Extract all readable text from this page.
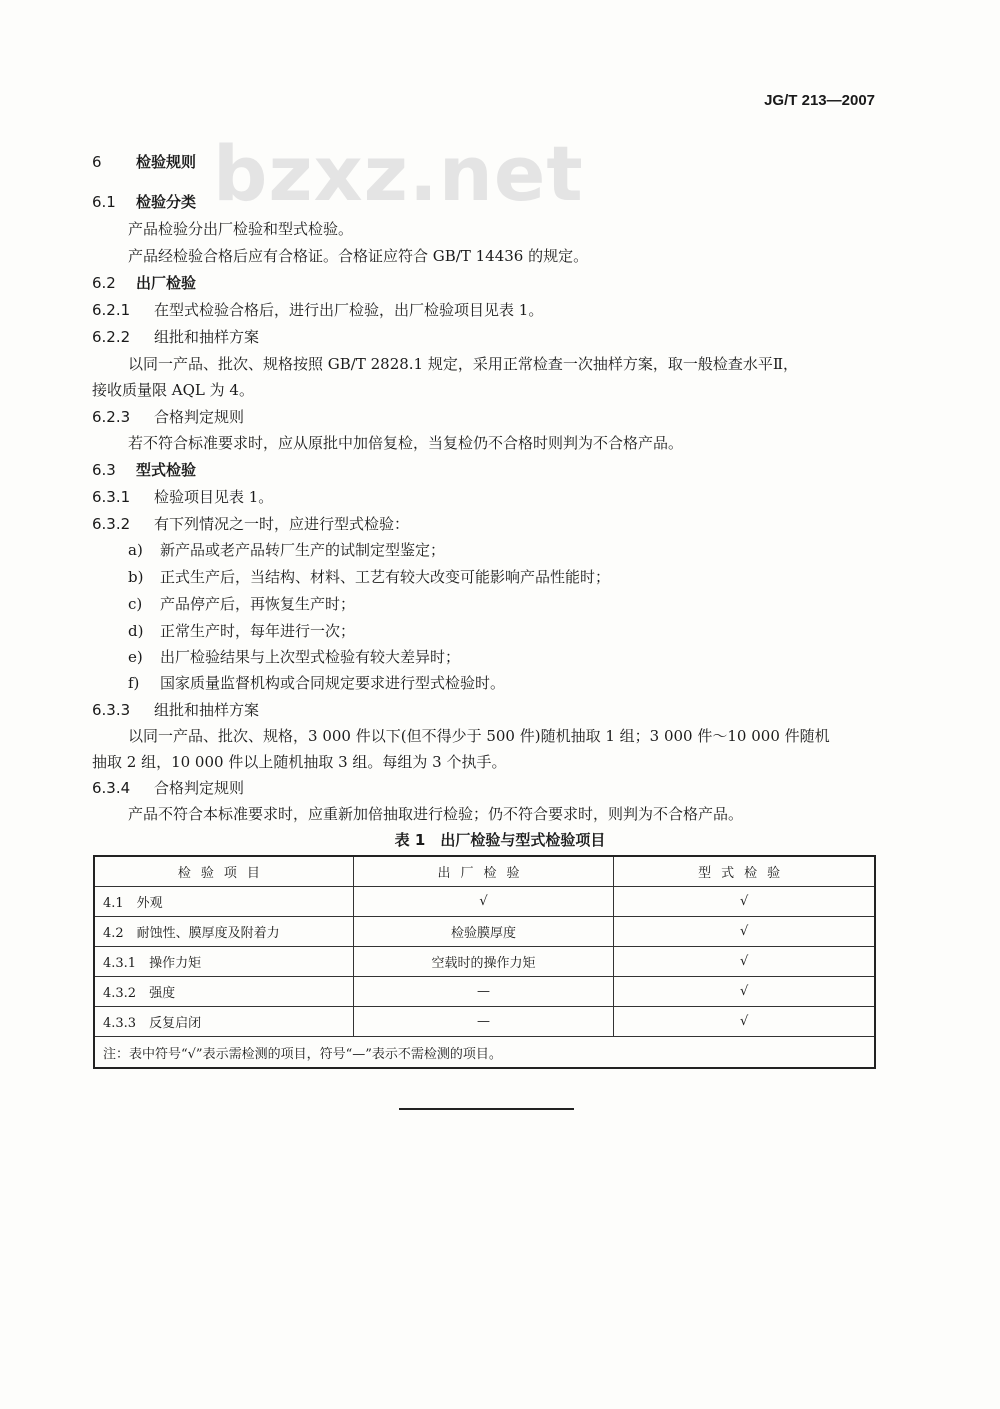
JG/T 213—2007
bzxz.net
6 检验规则
6.1 检验分类
产品检验分出厂检验和型式检验。
产品经检验合格后应有合格证。合格证应符合 GB/T 14436 的规定。
6.2 出厂检验
6.2.1 在型式检验合格后，进行出厂检验，出厂检验项目见表 1。
6.2.2 组批和抽样方案
以同一产品、批次、规格按照 GB/T 2828.1 规定，采用正常检查一次抽样方案，取一般检查水平Ⅱ，
接收质量限 AQL 为 4。
6.2.3 合格判定规则
若不符合标准要求时，应从原批中加倍复检，当复检仍不合格时则判为不合格产品。
6.3 型式检验
6.3.1 检验项目见表 1。
6.3.2 有下列情况之一时，应进行型式检验：
a) 新产品或老产品转厂生产的试制定型鉴定；
b) 正式生产后，当结构、材料、工艺有较大改变可能影响产品性能时；
c) 产品停产后，再恢复生产时；
d) 正常生产时，每年进行一次；
e) 出厂检验结果与上次型式检验有较大差异时；
f) 国家质量监督机构或合同规定要求进行型式检验时。
6.3.3 组批和抽样方案
以同一产品、批次、规格，3 000 件以下(但不得少于 500 件)随机抽取 1 组；3 000 件～10 000 件随机
抽取 2 组，10 000 件以上随机抽取 3 组。每组为 3 个执手。
6.3.4 合格判定规则
产品不符合本标准要求时，应重新加倍抽取进行检验；仍不符合要求时，则判为不合格产品。
表 1　出厂检验与型式检验项目
检验项目	出厂检验	型式检验
4.1　外观	√	√
4.2　耐蚀性、膜厚度及附着力	检验膜厚度	√
4.3.1　操作力矩	空载时的操作力矩	√
4.3.2　强度	—	√
4.3.3　反复启闭	—	√
注：表中符号“√”表示需检测的项目，符号“—”表示不需检测的项目。		
